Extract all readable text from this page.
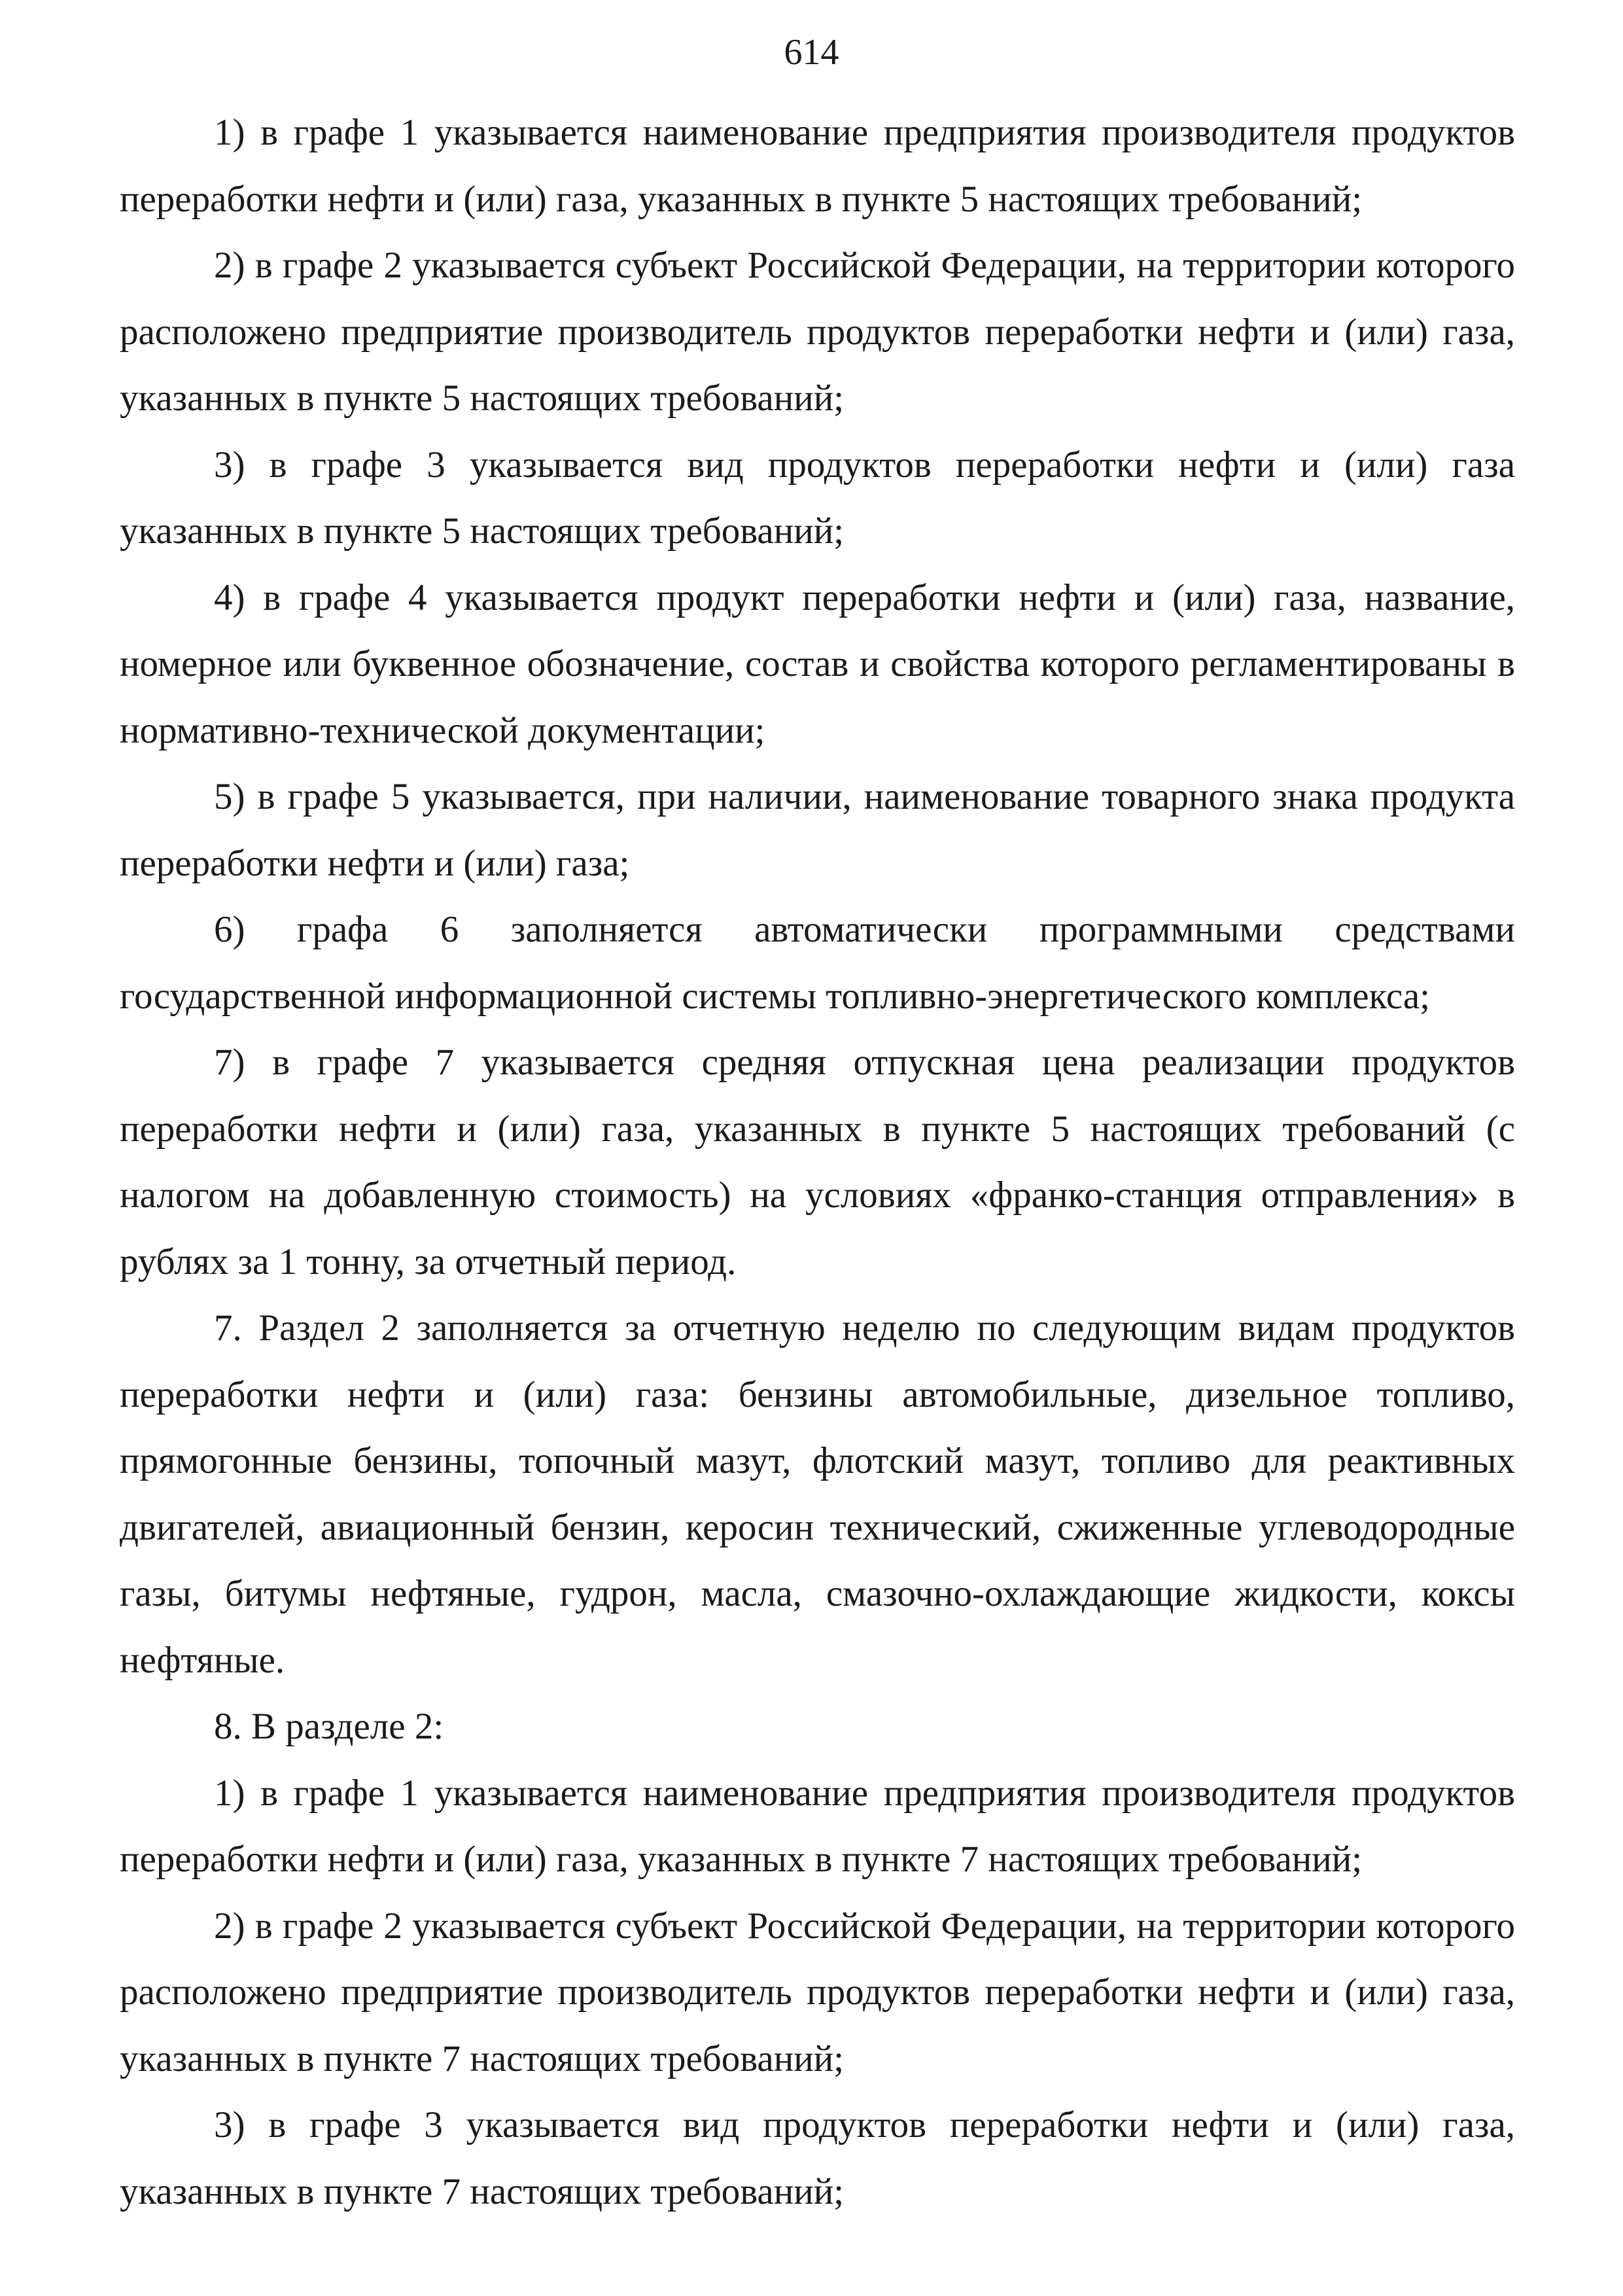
614

1) в графе 1 указывается наименование предприятия производителя продуктов переработки нефти и (или) газа, указанных в пункте 5 настоящих требований;

2) в графе 2 указывается субъект Российской Федерации, на территории которого расположено предприятие производитель продуктов переработки нефти и (или) газа, указанных в пункте 5 настоящих требований;

3) в графе 3 указывается вид продуктов переработки нефти и (или) газа указанных в пункте 5 настоящих требований;

4) в графе 4 указывается продукт переработки нефти и (или) газа, название, номерное или буквенное обозначение, состав и свойства которого регламентированы в нормативно-технической документации;

5) в графе 5 указывается, при наличии, наименование товарного знака продукта переработки нефти и (или) газа;

6) графа 6 заполняется автоматически программными средствами государственной информационной системы топливно-энергетического комплекса;

7) в графе 7 указывается средняя отпускная цена реализации продуктов переработки нефти и (или) газа, указанных в пункте 5 настоящих требований (с налогом на добавленную стоимость) на условиях «франко-станция отправления» в рублях за 1 тонну, за отчетный период.

7. Раздел 2 заполняется за отчетную неделю по следующим видам продуктов переработки нефти и (или) газа: бензины автомобильные, дизельное топливо, прямогонные бензины, топочный мазут, флотский мазут, топливо для реактивных двигателей, авиационный бензин, керосин технический, сжиженные углеводородные газы, битумы нефтяные, гудрон, масла, смазочно-охлаждающие жидкости, коксы нефтяные.

8. В разделе 2:

1) в графе 1 указывается наименование предприятия производителя продуктов переработки нефти и (или) газа, указанных в пункте 7 настоящих требований;

2) в графе 2 указывается субъект Российской Федерации, на территории которого расположено предприятие производитель продуктов переработки нефти и (или) газа, указанных в пункте 7 настоящих требований;

3) в графе 3 указывается вид продуктов переработки нефти и (или) газа, указанных в пункте 7 настоящих требований;
